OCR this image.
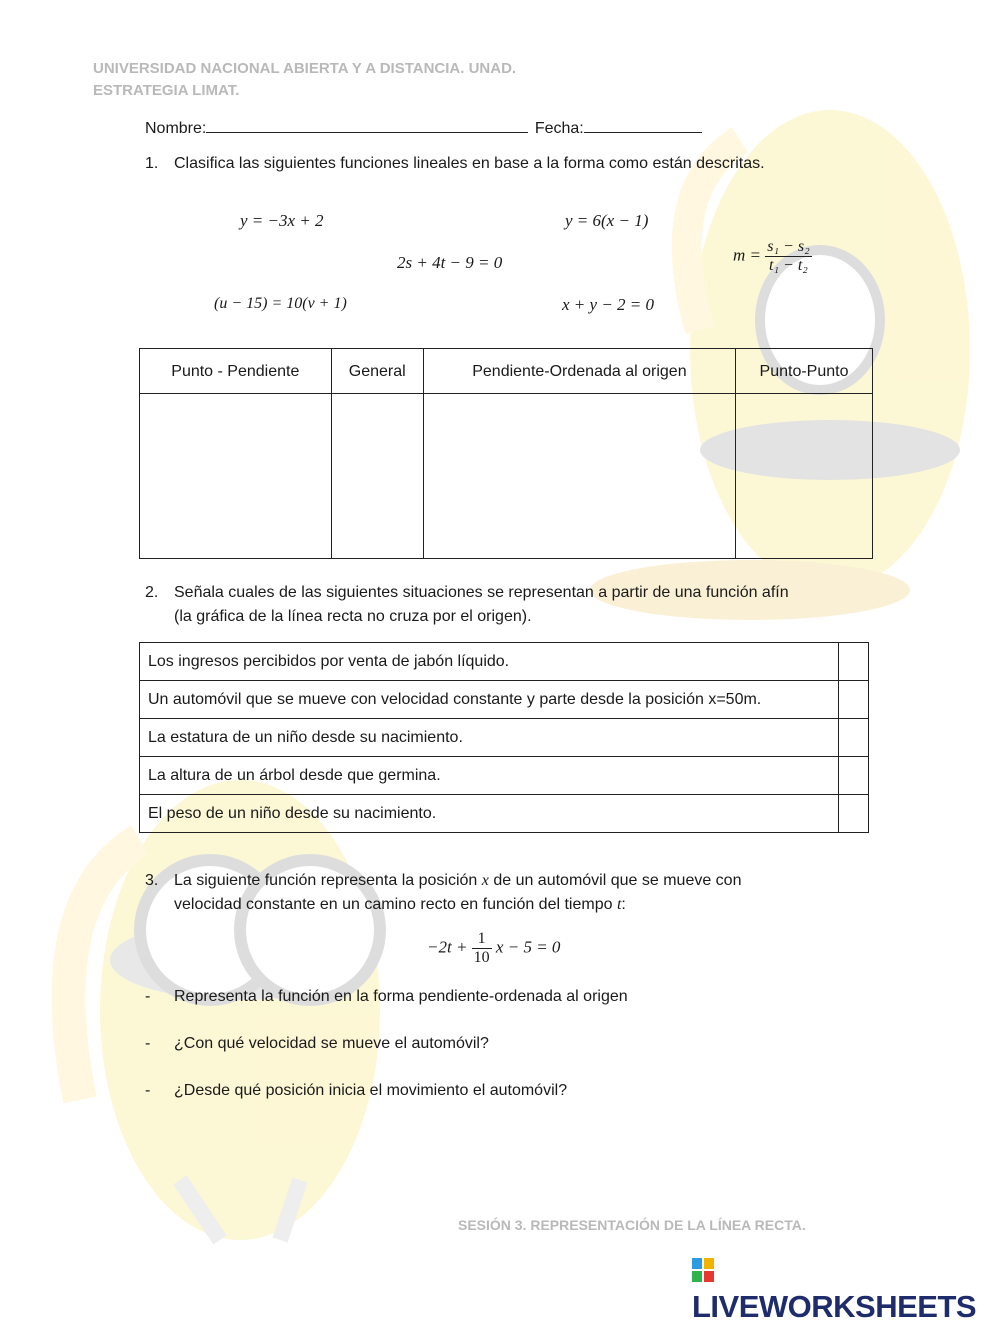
UNIVERSIDAD NACIONAL ABIERTA Y A DISTANCIA. UNAD.
ESTRATEGIA LIMAT.
Nombre:	Fecha:
1. Clasifica las siguientes funciones lineales en base a la forma como están descritas.
y = −3x + 2	y = 6(x − 1)
2s + 4t − 9 = 0	$m = \frac{\text{s₁ − s₂}}{\text{t₁ − t₂}}$
(u − 15) = 10(v + 1)	x + y − 2 = 0
Punto - Pendiente	General	Pendiente-Ordenada al origen	Punto-Punto

2. Señala cuales de las siguientes situaciones se representan a partir de una función afín
(la gráfica de la línea recta no cruza por el origen).
Los ingresos percibidos por venta de jabón líquido.	
Un automóvil que se mueve con velocidad constante y parte desde la posición x=50m.	
La estatura de un niño desde su nacimiento.	
La altura de un árbol desde que germina.	
El peso de un niño desde su nacimiento.	
3. La siguiente función representa la posición x de un automóvil que se mueve con
velocidad constante en un camino recto en función del tiempo t:
$-2t + \frac{1}{10}$ x − 5 = 0
- Representa la función en la forma pendiente-ordenada al origen
- ¿Con qué velocidad se mueve el automóvil?
- ¿Desde qué posición inicia el movimiento el automóvil?
SESIÓN 3. REPRESENTACIÓN DE LA LÍNEA RECTA.
LIVEWORKSHEETS
